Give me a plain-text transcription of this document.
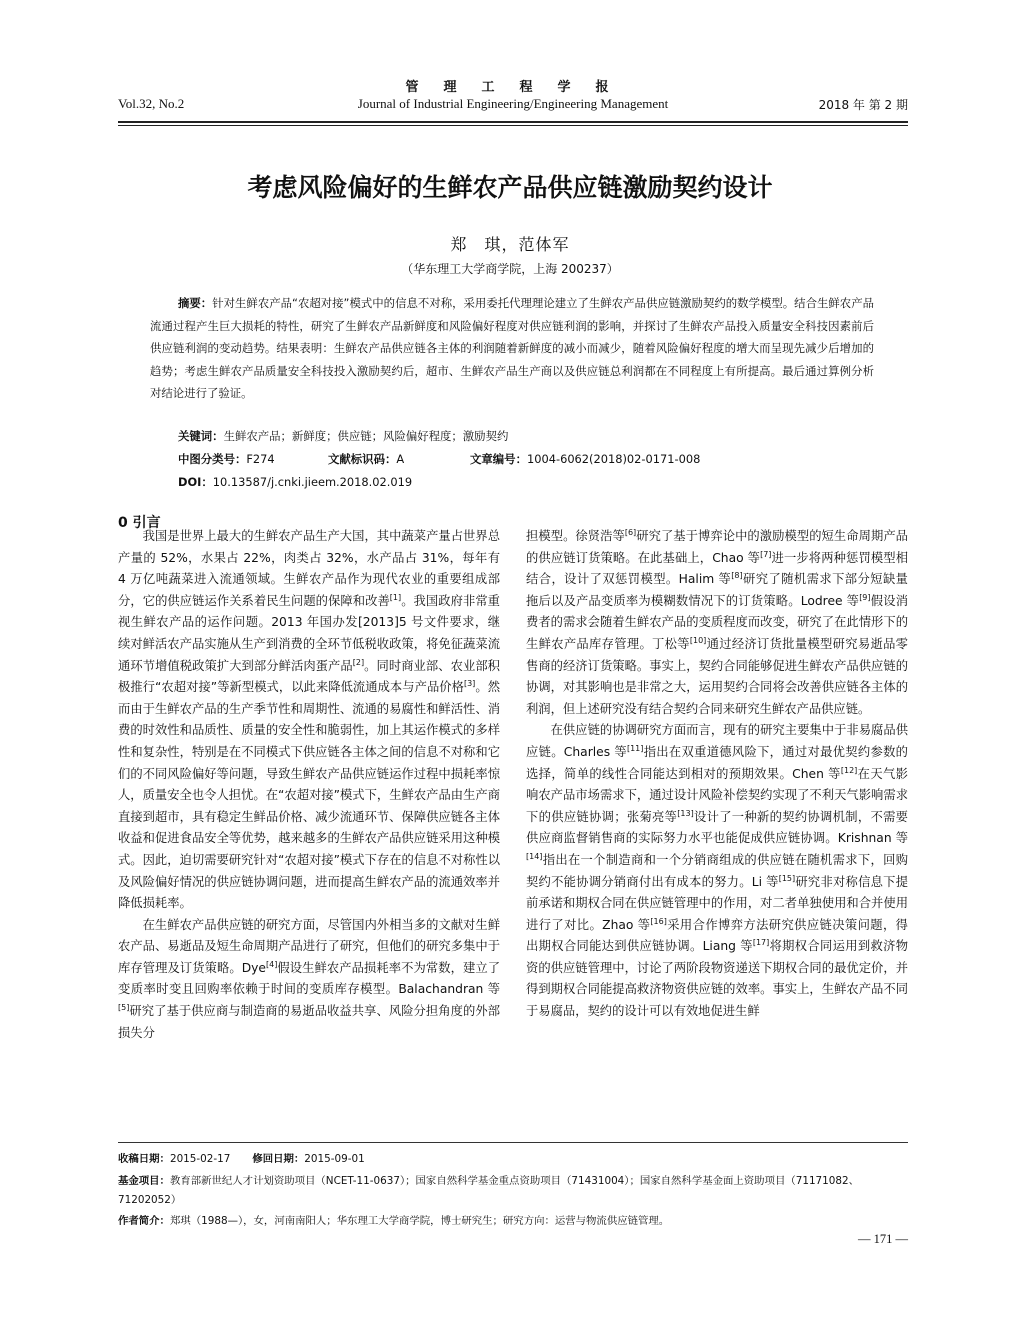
管　理　工　程　学　报
Journal of Industrial Engineering/Engineering Management
Vol.32, No.2	2018 年 第 2 期
考虑风险偏好的生鲜农产品供应链激励契约设计
郑　琪，范体军
（华东理工大学商学院，上海 200237）
摘要：针对生鲜农产品“农超对接”模式中的信息不对称，采用委托代理理论建立了生鲜农产品供应链激励契约的数学模型。结合生鲜农产品流通过程产生巨大损耗的特性，研究了生鲜农产品新鲜度和风险偏好程度对供应链利润的影响，并探讨了生鲜农产品投入质量安全科技因素前后供应链利润的变动趋势。结果表明：生鲜农产品供应链各主体的利润随着新鲜度的减小而减少，随着风险偏好程度的增大而呈现先减少后增加的趋势；考虑生鲜农产品质量安全科技投入激励契约后，超市、生鲜农产品生产商以及供应链总利润都在不同程度上有所提高。最后通过算例分析对结论进行了验证。
关键词：生鲜农产品；新鲜度；供应链；风险偏好程度；激励契约
中图分类号：F274	文献标识码：A	文章编号：1004-6062(2018)02-0171-008
DOI：10.13587/j.cnki.jieem.2018.02.019
0 引言

我国是世界上最大的生鲜农产品生产大国，其中蔬菜产量占世界总产量的 52%，水果占 22%，肉类占 32%，水产品占 31%，每年有 4 万亿吨蔬菜进入流通领域。生鲜农产品作为现代农业的重要组成部分，它的供应链运作关系着民生问题的保障和改善[1]。我国政府非常重视生鲜农产品的运作问题。2013 年国办发[2013]5 号文件要求，继续对鲜活农产品实施从生产到消费的全环节低税收政策，将免征蔬菜流通环节增值税政策扩大到部分鲜活肉蛋产品[2]。同时商业部、农业部积极推行“农超对接”等新型模式，以此来降低流通成本与产品价格[3]。然而由于生鲜农产品的生产季节性和周期性、流通的易腐性和鲜活性、消费的时效性和品质性、质量的安全性和脆弱性，加上其运作模式的多样性和复杂性，特别是在不同模式下供应链各主体之间的信息不对称和它们的不同风险偏好等问题，导致生鲜农产品供应链运作过程中损耗率惊人，质量安全也令人担忧。在“农超对接”模式下，生鲜农产品由生产商直接到超市，具有稳定生鲜品价格、减少流通环节、保障供应链各主体收益和促进食品安全等优势，越来越多的生鲜农产品供应链采用这种模式。因此，迫切需要研究针对“农超对接”模式下存在的信息不对称性以及风险偏好情况的供应链协调问题，进而提高生鲜农产品的流通效率并降低损耗率。

在生鲜农产品供应链的研究方面，尽管国内外相当多的文献对生鲜农产品、易逝品及短生命周期产品进行了研究，但他们的研究多集中于库存管理及订货策略。Dye[4]假设生鲜农产品损耗率不为常数，建立了变质率时变且回购率依赖于时间的变质库存模型。Balachandran 等[5]研究了基于供应商与制造商的易逝品收益共享、风险分担角度的外部损失分

担模型。徐贤浩等[6]研究了基于博弈论中的激励模型的短生命周期产品的供应链订货策略。在此基础上，Chao 等[7]进一步将两种惩罚模型相结合，设计了双惩罚模型。Halim 等[8]研究了随机需求下部分短缺量拖后以及产品变质率为模糊数情况下的订货策略。Lodree 等[9]假设消费者的需求会随着生鲜农产品的变质程度而改变，研究了在此情形下的生鲜农产品库存管理。丁松等[10]通过经济订货批量模型研究易逝品零售商的经济订货策略。事实上，契约合同能够促进生鲜农产品供应链的协调，对其影响也是非常之大，运用契约合同将会改善供应链各主体的利润，但上述研究没有结合契约合同来研究生鲜农产品供应链。

在供应链的协调研究方面而言，现有的研究主要集中于非易腐品供应链。Charles 等[11]指出在双重道德风险下，通过对最优契约参数的选择，简单的线性合同能达到相对的预期效果。Chen 等[12]在天气影响农产品市场需求下，通过设计风险补偿契约实现了不利天气影响需求下的供应链协调；张菊亮等[13]设计了一种新的契约协调机制，不需要供应商监督销售商的实际努力水平也能促成供应链协调。Krishnan 等[14]指出在一个制造商和一个分销商组成的供应链在随机需求下，回购契约不能协调分销商付出有成本的努力。Li 等[15]研究非对称信息下提前承诺和期权合同在供应链管理中的作用，对二者单独使用和合并使用进行了对比。Zhao 等[16]采用合作博弈方法研究供应链决策问题，得出期权合同能达到供应链协调。Liang 等[17]将期权合同运用到救济物资的供应链管理中，讨论了两阶段物资递送下期权合同的最优定价，并得到期权合同能提高救济物资供应链的效率。事实上，生鲜农产品不同于易腐品，契约的设计可以有效地促进生鲜

收稿日期：2015-02-17 修回日期：2015-09-01
基金项目：教育部新世纪人才计划资助项目（NCET-11-0637）；国家自然科学基金重点资助项目（71431004）；国家自然科学基金面上资助项目（71171082、71202052）
作者简介：郑琪（1988—），女，河南南阳人；华东理工大学商学院，博士研究生；研究方向：运营与物流供应链管理。
— 171 —
